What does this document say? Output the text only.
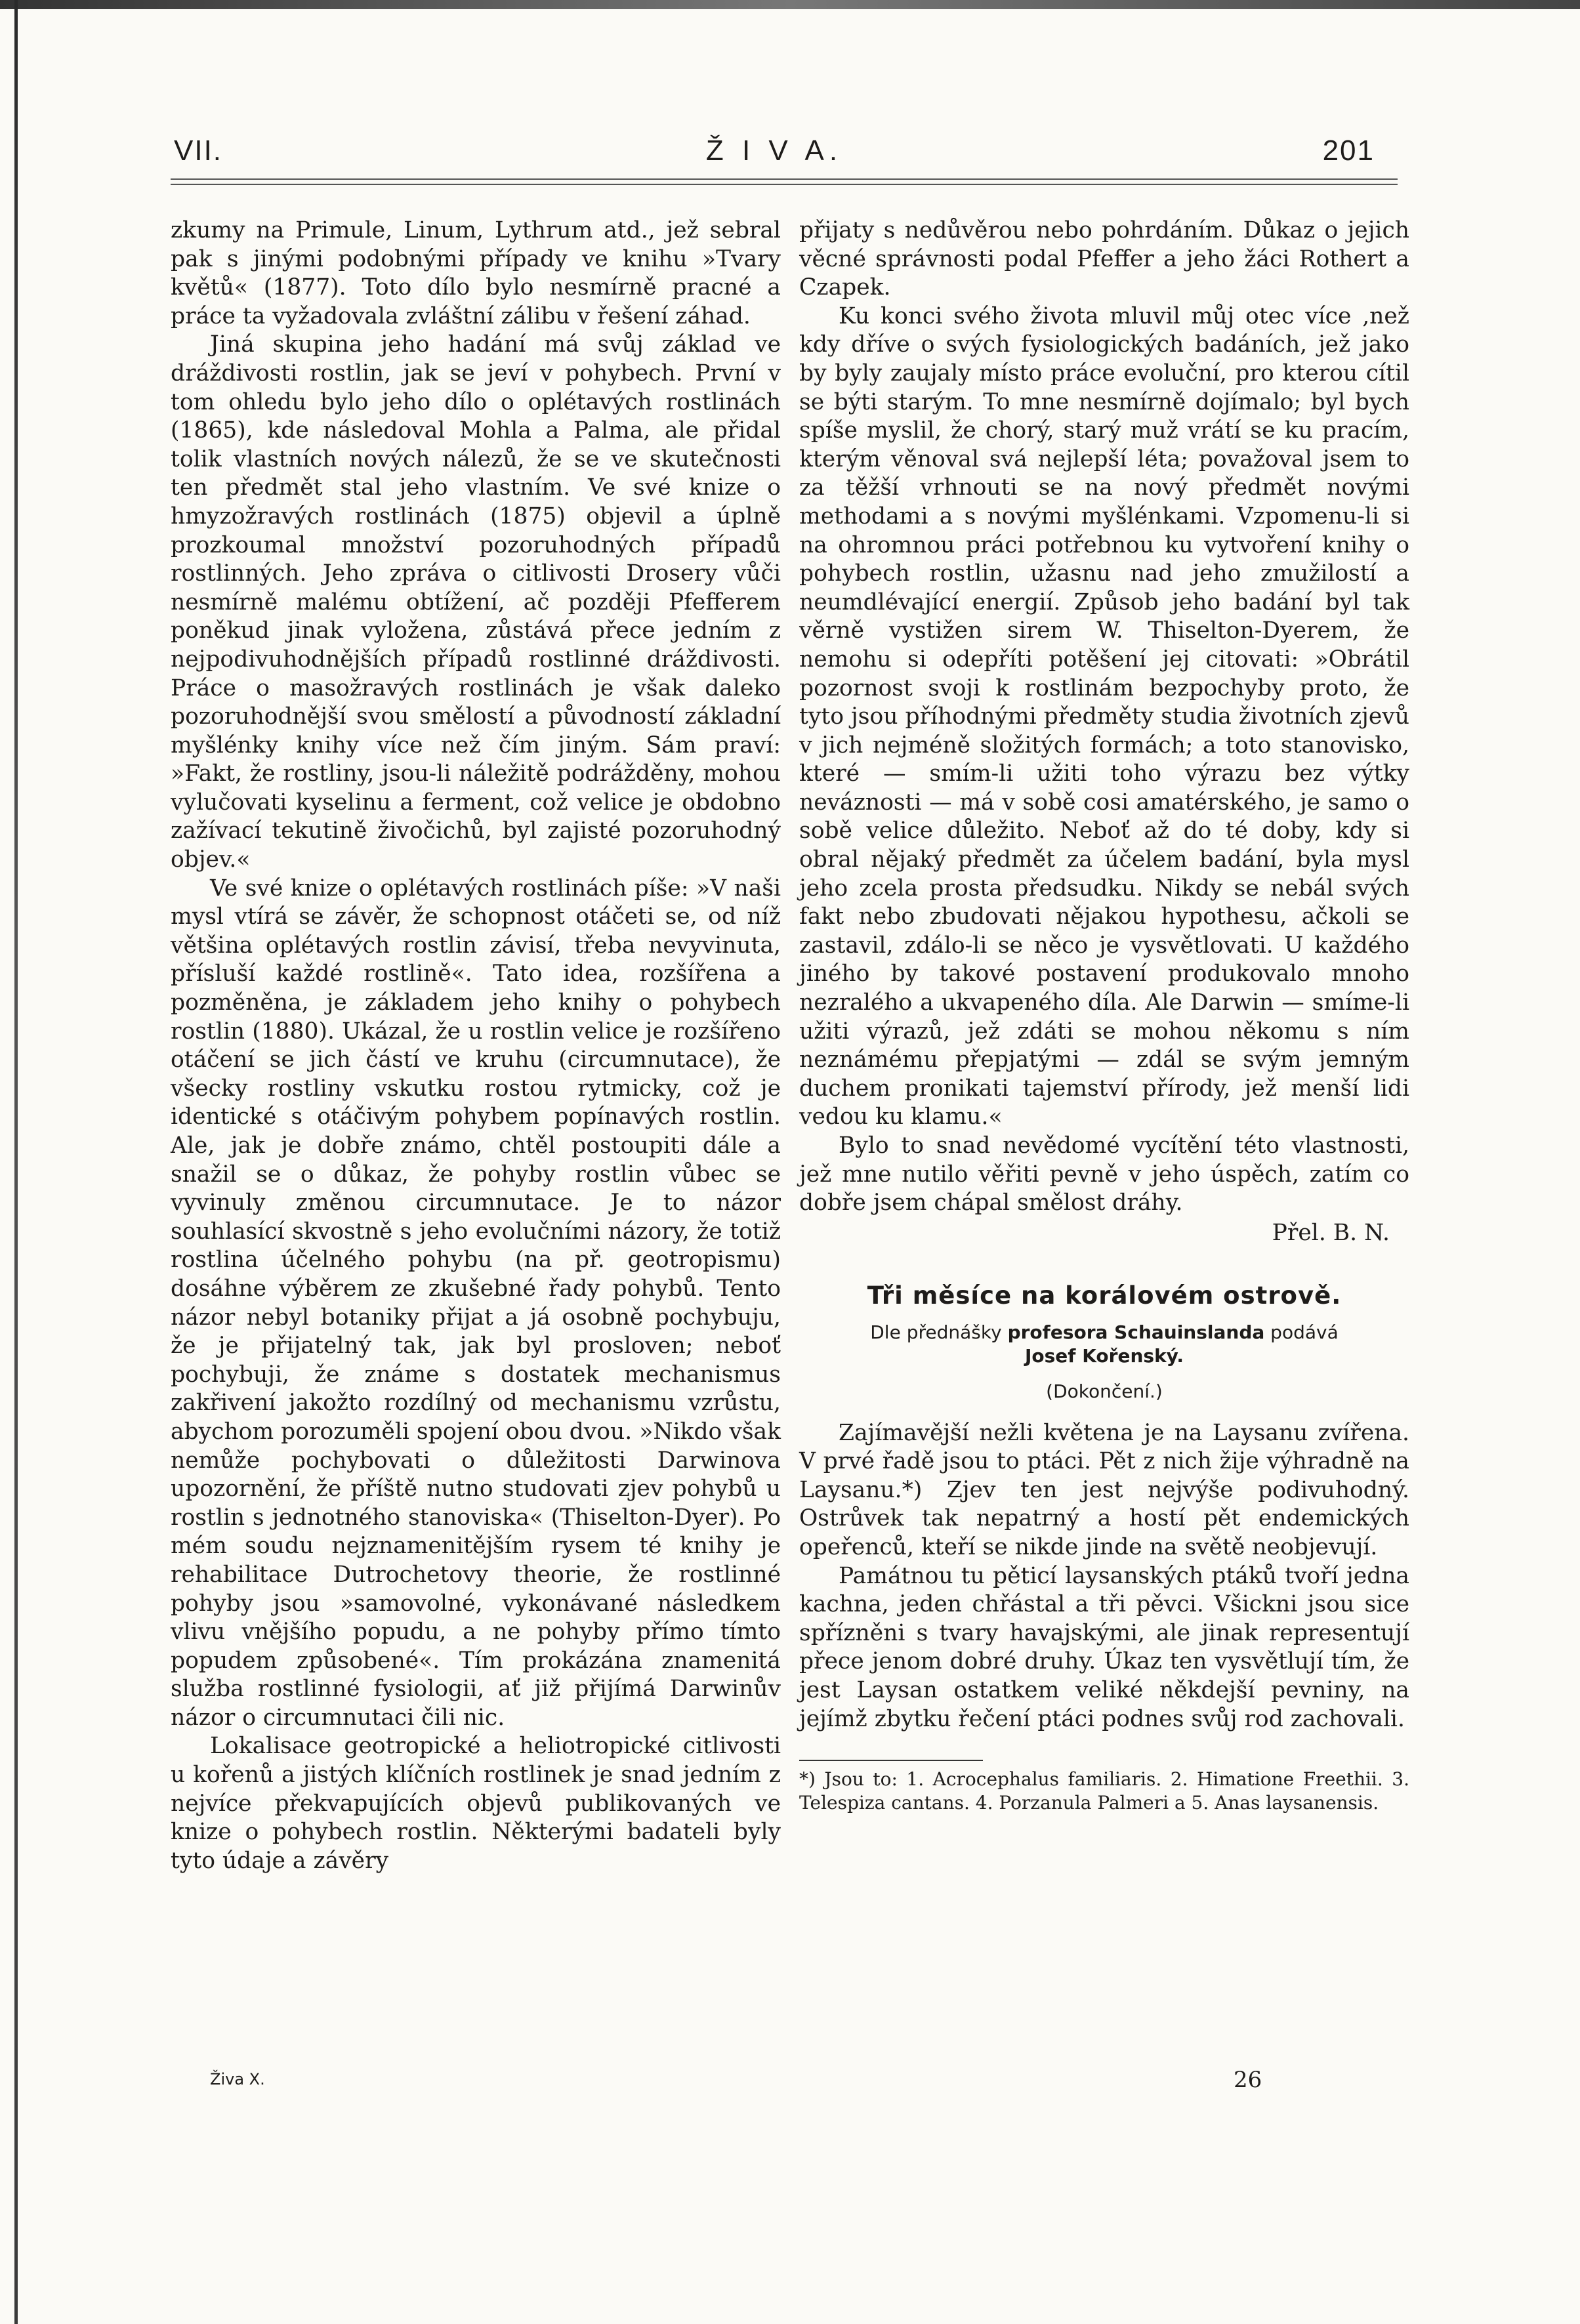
VII.	Ž I V A.	201

zkumy na Primule, Linum, Lythrum atd., jež sebral pak s jinými podobnými případy ve knihu »Tvary květů« (1877). Toto dílo bylo nesmírně pracné a práce ta vyžadovala zvláštní zálibu v řešení záhad.

Jiná skupina jeho hadání má svůj základ ve dráždivosti rostlin, jak se jeví v pohybech. První v tom ohledu bylo jeho dílo o oplétavých rostlinách (1865), kde následoval Mohla a Palma, ale přidal tolik vlastních nových nálezů, že se ve skutečnosti ten předmět stal jeho vlastním. Ve své knize o hmyzožravých rostlinách (1875) objevil a úplně prozkoumal množství pozoruhodných případů rostlinných. Jeho zpráva o citlivosti Drosery vůči nesmírně malému obtížení, ač později Pfefferem poněkud jinak vyložena, zůstává přece jedním z nejpodivuhodnějších případů rostlinné dráždivosti. Práce o masožravých rostlinách je však daleko pozoruhodnější svou smělostí a původností základní myšlénky knihy více než čím jiným. Sám praví: »Fakt, že rostliny, jsou-li náležitě podrážděny, mohou vylučovati kyselinu a ferment, což velice je obdobno zažívací tekutině živočichů, byl zajisté pozoruhodný objev.«

Ve své knize o oplétavých rostlinách píše: »V naši mysl vtírá se závěr, že schopnost otáčeti se, od níž většina oplétavých rostlin závisí, třeba nevyvinuta, přísluší každé rostlině«. Tato idea, rozšířena a pozměněna, je základem jeho knihy o pohybech rostlin (1880). Ukázal, že u rostlin velice je rozšířeno otáčení se jich částí ve kruhu (circumnutace), že všecky rostliny vskutku rostou rytmicky, což je identické s otáčivým pohybem popínavých rostlin. Ale, jak je dobře známo, chtěl postoupiti dále a snažil se o důkaz, že pohyby rostlin vůbec se vyvinuly změnou circumnutace. Je to názor souhlasící skvostně s jeho evolučními názory, že totiž rostlina účelného pohybu (na př. geotropismu) dosáhne výběrem ze zkušebné řady pohybů. Tento názor nebyl botaniky přijat a já osobně pochybuju, že je přijatelný tak, jak byl prosloven; neboť pochybuji, že známe s dostatek mechanismus zakřivení jakožto rozdílný od mechanismu vzrůstu, abychom porozuměli spojení obou dvou. »Nikdo však nemůže pochybovati o důležitosti Darwinova upozornění, že příště nutno studovati zjev pohybů u rostlin s jednotného stanoviska« (Thiselton-Dyer). Po mém soudu nejznamenitějším rysem té knihy je rehabilitace Dutrochetovy theorie, že rostlinné pohyby jsou »samovolné, vykonávané následkem vlivu vnějšího popudu, a ne pohyby přímo tímto popudem způsobené«. Tím prokázána znamenitá služba rostlinné fysiologii, ať již přijímá Darwinův názor o circumnutaci čili nic.

Lokalisace geotropické a heliotropické citlivosti u kořenů a jistých klíčních rostlinek je snad jedním z nejvíce překvapujících objevů publikovaných ve knize o pohybech rostlin. Některými badateli byly tyto údaje a závěry

přijaty s nedůvěrou nebo pohrdáním. Důkaz o jejich věcné správnosti podal Pfeffer a jeho žáci Rothert a Czapek.

Ku konci svého života mluvil můj otec více ,než kdy dříve o svých fysiologických badáních, jež jako by byly zaujaly místo práce evoluční, pro kterou cítil se býti starým. To mne nesmírně dojímalo; byl bych spíše myslil, že chorý, starý muž vrátí se ku pracím, kterým věnoval svá nejlepší léta; považoval jsem to za těžší vrhnouti se na nový předmět novými methodami a s novými myšlénkami. Vzpomenu-li si na ohromnou práci potřebnou ku vytvoření knihy o pohybech rostlin, užasnu nad jeho zmužilostí a neumdlévající energií. Způsob jeho badání byl tak věrně vystižen sirem W. Thiselton-Dyerem, že nemohu si odepříti potěšení jej citovati: »Obrátil pozornost svoji k rostlinám bezpochyby proto, že tyto jsou příhodnými předměty studia životních zjevů v jich nejméně složitých formách; a toto stanovisko, které — smím-li užiti toho výrazu bez výtky neváznosti — má v sobě cosi amatérského, je samo o sobě velice důležito. Neboť až do té doby, kdy si obral nějaký předmět za účelem badání, byla mysl jeho zcela prosta předsudku. Nikdy se nebál svých fakt nebo zbudovati nějakou hypothesu, ačkoli se zastavil, zdálo-li se něco je vysvětlovati. U každého jiného by takové postavení produkovalo mnoho nezralého a ukvapeného díla. Ale Darwin — smíme-li užiti výrazů, jež zdáti se mohou někomu s ním neznámému přepjatými — zdál se svým jemným duchem pronikati tajemství přírody, jež menší lidi vedou ku klamu.«

Bylo to snad nevědomé vycítění této vlastnosti, jež mne nutilo věřiti pevně v jeho úspěch, zatím co dobře jsem chápal smělost dráhy.

Přel. B. N.
Tři měsíce na korálovém ostrově.
Dle přednášky profesora Schauinslanda podává
Josef Kořenský.
(Dokončení.)

Zajímavější nežli květena je na Laysanu zvířena. V prvé řadě jsou to ptáci. Pět z nich žije výhradně na Laysanu.*) Zjev ten jest nejvýše podivuhodný. Ostrůvek tak nepatrný a hostí pět endemických opeřenců, kteří se nikde jinde na světě neobjevují.

Památnou tu pěticí laysanských ptáků tvoří jedna kachna, jeden chřástal a tři pěvci. Všickni jsou sice spřízněni s tvary havajskými, ale jinak representují přece jenom dobré druhy. Úkaz ten vysvětlují tím, že jest Laysan ostatkem veliké někdejší pevniny, na jejímž zbytku řečení ptáci podnes svůj rod zachovali.

*) Jsou to: 1. Acrocephalus familiaris. 2. Himatione Freethii. 3. Telespiza cantans. 4. Porzanula Palmeri a 5. Anas laysanensis.
Živa X.	26
